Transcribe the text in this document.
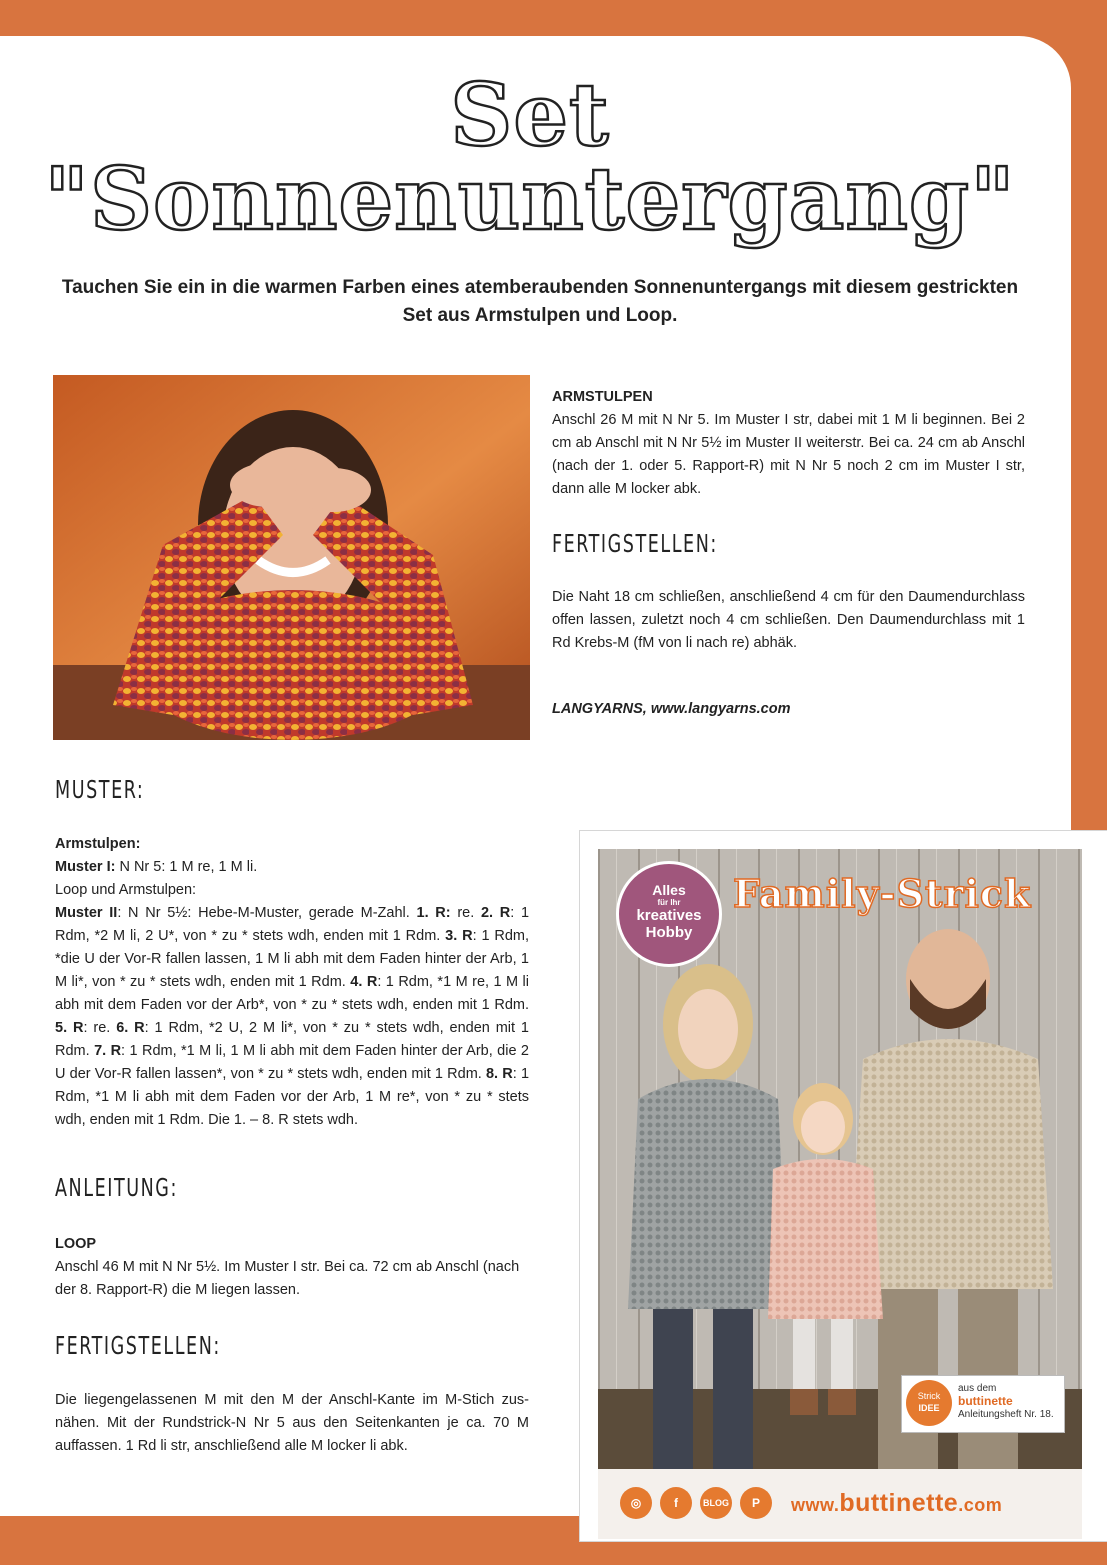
Set
"Sonnenuntergang"
Tauchen Sie ein in die warmen Farben eines atemberaubenden Sonnenuntergangs mit diesem gestrickten Set aus Armstulpen und Loop.

ARMSTULPEN

Anschl 26 M mit N Nr 5. Im Muster I str, dabei mit 1 M li beginnen. Bei 2 cm ab Anschl mit N Nr 5½ im Muster II weiterstr. Bei ca. 24 cm ab Anschl (nach der 1. oder 5. Rapport-R) mit N Nr 5 noch 2 cm im Muster I str, dann alle M locker abk.

FERTIGSTELLEN:

Die Naht 18 cm schließen, anschließend 4 cm für den Daumendurchlass offen lassen, zuletzt noch 4 cm schließen. Den Daumendurchlass mit 1 Rd Krebs-M (fM von li nach re) abhäk.
LANGYARNS, www.langyarns.com

MUSTER:

Armstulpen:

Muster I: N Nr 5: 1 M re, 1 M li.

Loop und Armstulpen:

Muster II: N Nr 5½: Hebe-M-Muster, gerade M-Zahl. 1. R: re. 2. R: 1 Rdm, *2 M li, 2 U*, von * zu * stets wdh, enden mit 1 Rdm. 3. R: 1 Rdm, *die U der Vor-R fallen lassen, 1 M li abh mit dem Faden hinter der Arb, 1 M li*, von * zu * stets wdh, enden mit 1 Rdm. 4. R: 1 Rdm, *1 M re, 1 M li abh mit dem Faden vor der Arb*, von * zu * stets wdh, enden mit 1 Rdm. 5. R: re. 6. R: 1 Rdm, *2 U, 2 M li*, von * zu * stets wdh, enden mit 1 Rdm. 7. R: 1 Rdm, *1 M li, 1 M li abh mit dem Faden hinter der Arb, die 2 U der Vor-R fallen lassen*, von * zu * stets wdh, enden mit 1 Rdm. 8. R: 1 Rdm, *1 M li abh mit dem Faden vor der Arb, 1 M re*, von * zu * stets wdh, enden mit 1 Rdm. Die 1. – 8. R stets wdh.

ANLEITUNG:

LOOP

Anschl 46 M mit N Nr 5½. Im Muster I str. Bei ca. 72 cm ab Anschl (nach der 8. Rapport-R) die M liegen lassen.

FERTIGSTELLEN:

Die liegengelassenen M mit den M der Anschl-Kante im M-Stich zus-nähen. Mit der Rundstrick-N Nr 5 aus den Seitenkanten je ca. 70 M auffassen. 1 Rd li str, anschließend alle M locker li abk.
Family-Strick
Alles
für Ihr
kreatives
Hobby
Strick
IDEE
aus dem
buttinette
Anleitungsheft Nr. 18.
◎	f	BLOG	P	www.buttinette.com
